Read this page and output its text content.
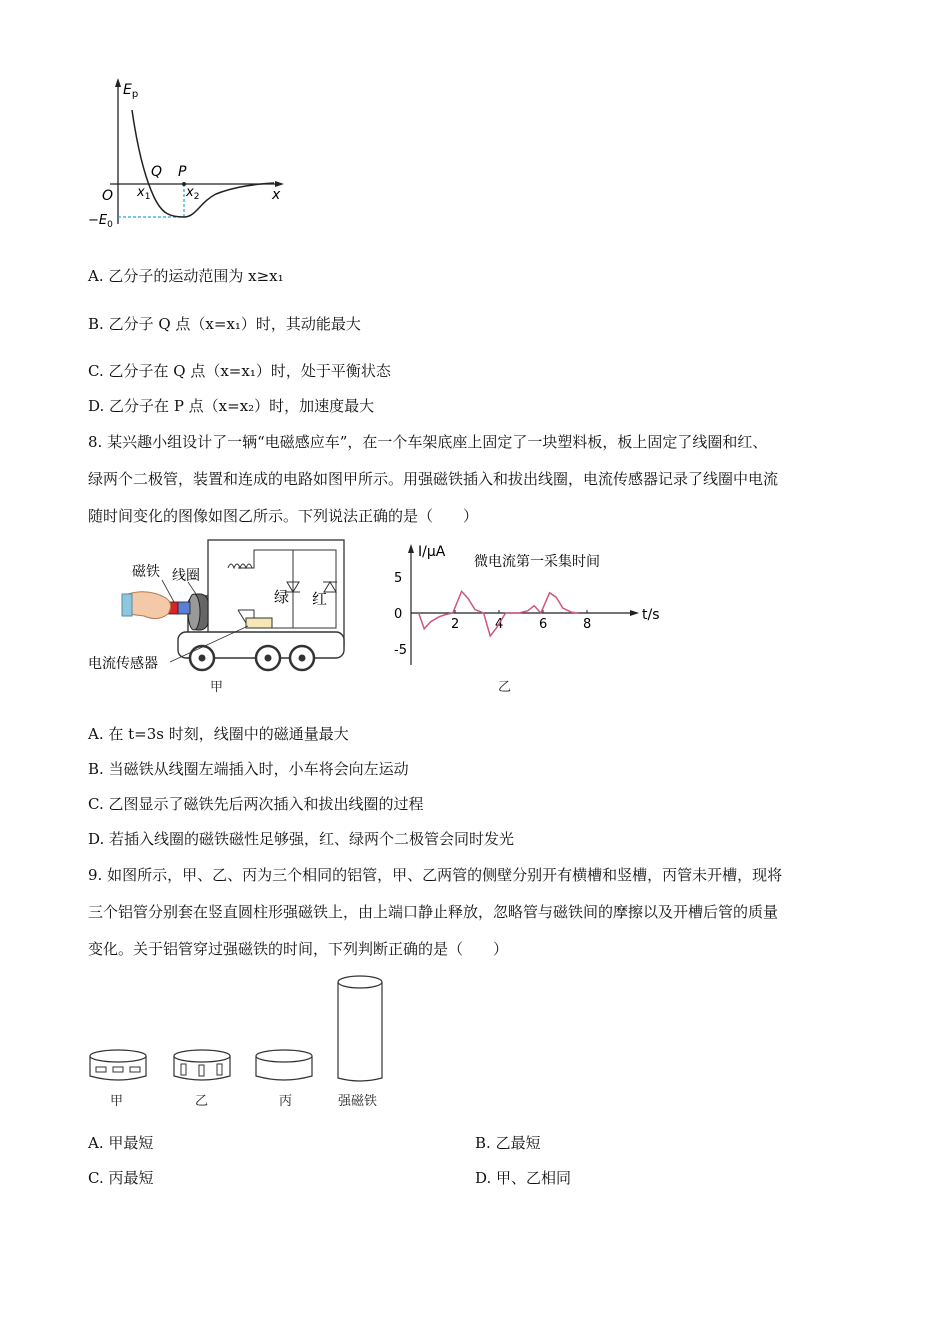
$E_p$
x
O
Q P
$x_1$	$x_2$
$-E_0$
A. 乙分子的运动范围为 x≥x₁
B. 乙分子 Q 点（x=x₁）时，其动能最大
C. 乙分子在 Q 点（x=x₁）时，处于平衡状态
D. 乙分子在 P 点（x=x₂）时，加速度最大
8. 某兴趣小组设计了一辆“电磁感应车”，在一个车架底座上固定了一块塑料板，板上固定了线圈和红、
绿两个二极管，装置和连成的电路如图甲所示。用强磁铁插入和拔出线圈，电流传感器记录了线圈中电流
随时间变化的图像如图乙所示。下列说法正确的是（　　）
绿 红
磁铁 线圈
电流传感器
甲
2	4	6	8
5
0
-5
I/μA
t/s
微电流第一采集时间
乙
A. 在 t=3s 时刻，线圈中的磁通量最大
B. 当磁铁从线圈左端插入时，小车将会向左运动
C. 乙图显示了磁铁先后两次插入和拔出线圈的过程
D. 若插入线圈的磁铁磁性足够强，红、绿两个二极管会同时发光
9. 如图所示，甲、乙、丙为三个相同的铝管，甲、乙两管的侧壁分别开有横槽和竖槽，丙管未开槽，现将
三个铝管分别套在竖直圆柱形强磁铁上，由上端口静止释放，忽略管与磁铁间的摩擦以及开槽后管的质量
变化。关于铝管穿过强磁铁的时间，下列判断正确的是（　　）
甲	乙	丙	强磁铁
A. 甲最短	B. 乙最短
C. 丙最短	D. 甲、乙相同
